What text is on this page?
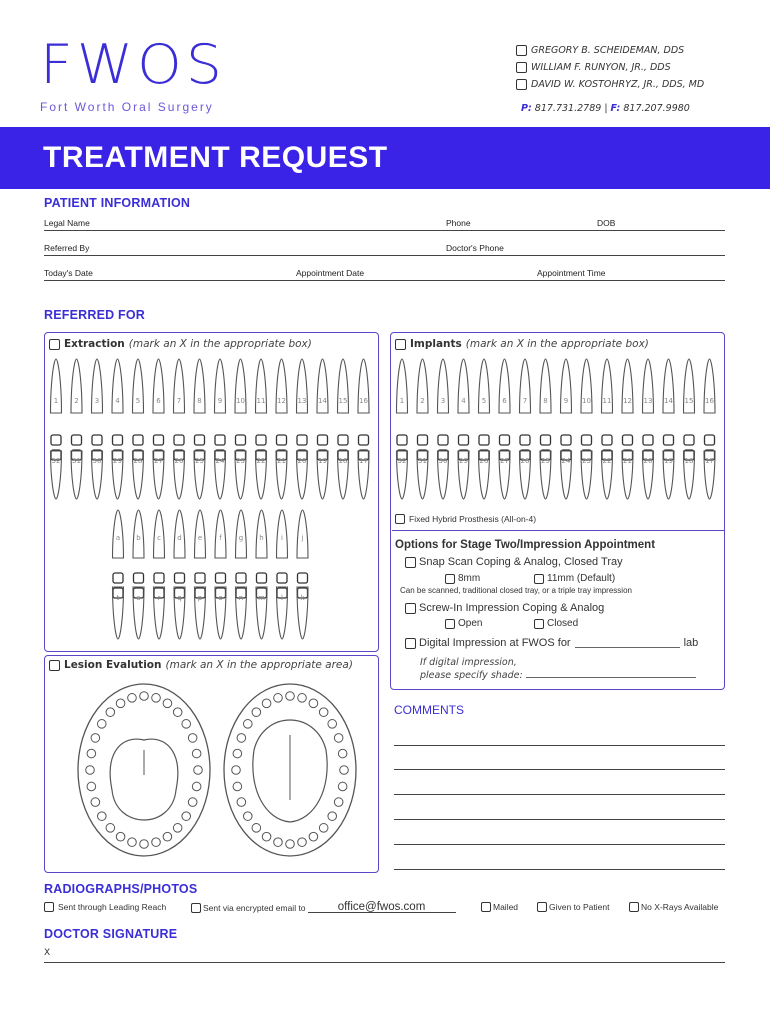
FWOS
Fort Worth Oral Surgery
GREGORY B. SCHEIDEMAN, DDS
WILLIAM F. RUNYON, JR., DDS
DAVID W. KOSTOHRYZ, JR., DDS, MD
P: 817.731.2789 | F: 817.207.9980
TREATMENT REQUEST
PATIENT INFORMATION
Legal Name	Phone	DOB
Referred By	Doctor's Phone
Today's Date	Appointment Date	Appointment Time
REFERRED FOR
Extraction (mark an X in the appropriate box)
1 2 3 4 5 6 7 8 9 10 11 12 13 14 15 16
32 31 30 29 28 27 26 25 24 23 22 21 20 19 18 17
a b c d e f g h i	j
t s r q p o n m l k
Implants (mark an X in the appropriate box)
1 2 3 4 5 6 7 8 9 10 11 12 13 14 15 16
32 31 30 29 28 27 26 25 24 23 22 21 20 19 18 17
Fixed Hybrid Prosthesis (All-on-4)
Options for Stage Two/Impression Appointment
Snap Scan Coping & Analog, Closed Tray
8mm	11mm (Default)
Can be scanned, traditional closed tray, or a triple tray impression
Screw-In Impression Coping & Analog
Open	Closed
Digital Impression at FWOS for	lab
If digital impression,
please specify shade:
Lesion Evalution (mark an X in the appropriate area)
COMMENTS
RADIOGRAPHS/PHOTOS
Sent through Leading Reach	Sent via encrypted email to	office@fwos.com	Mailed	Given to Patient	No X-Rays Available
DOCTOR SIGNATURE
X
